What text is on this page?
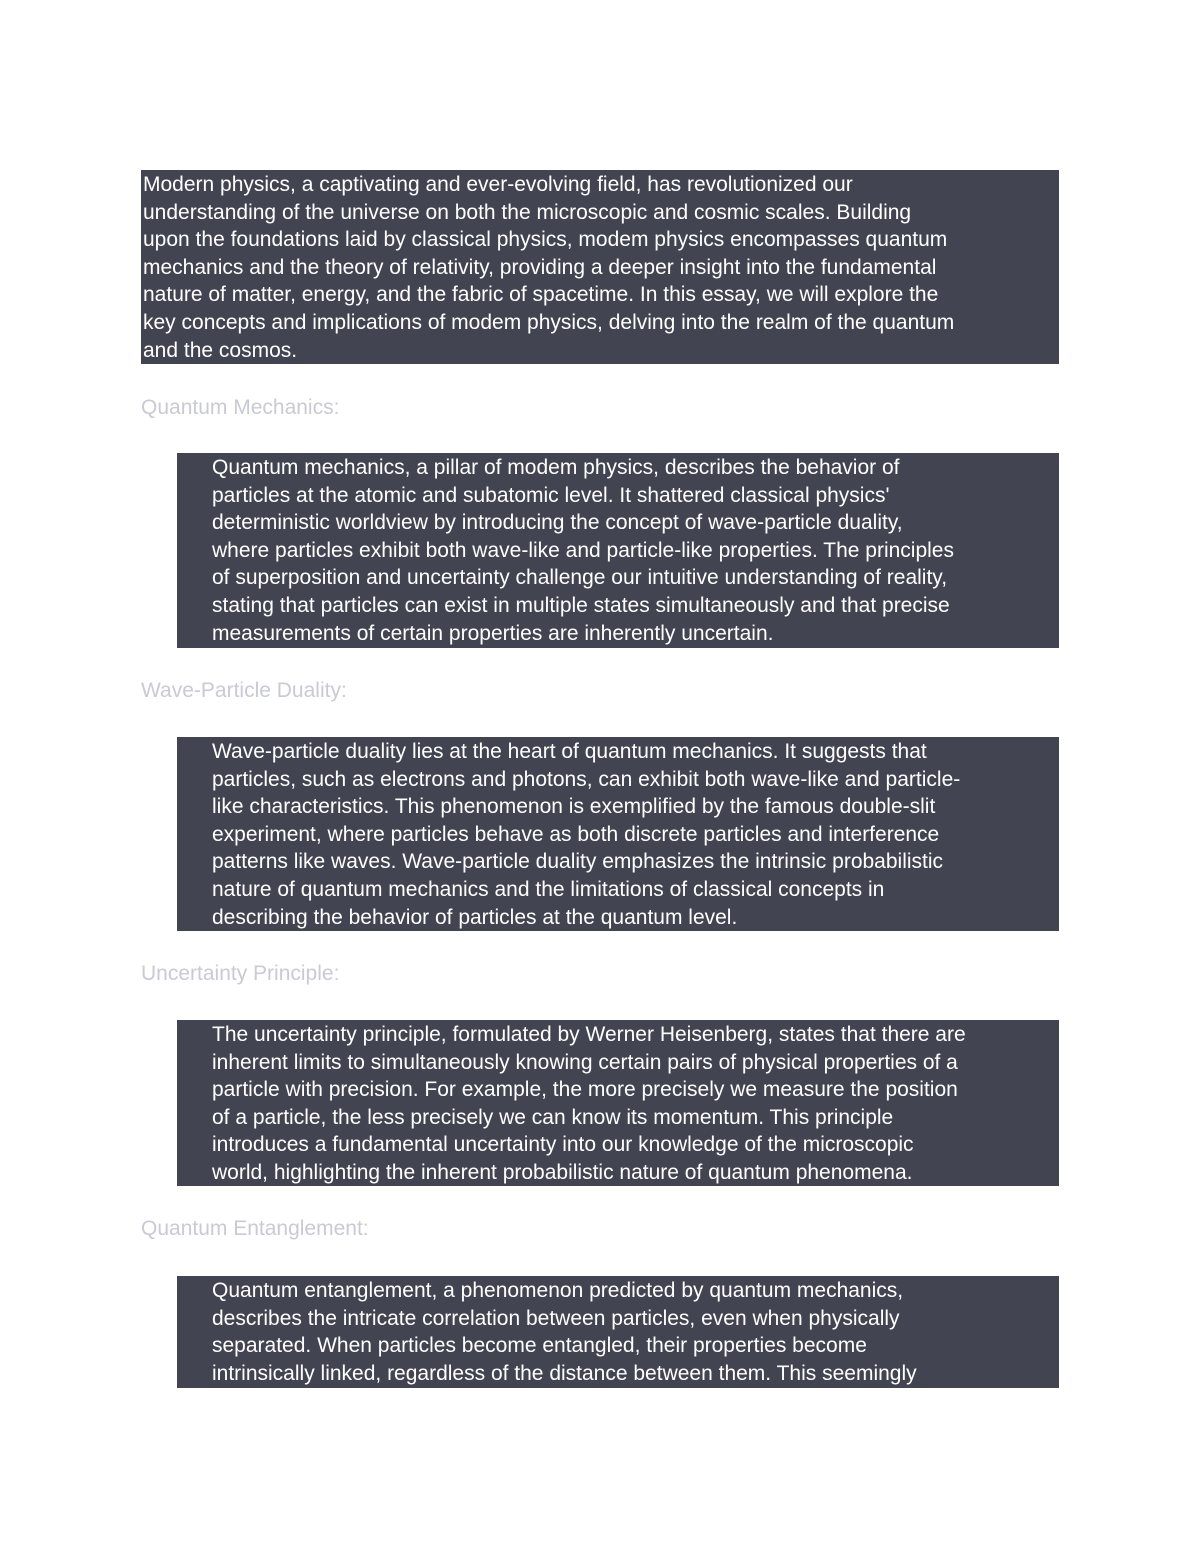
Modern physics, a captivating and ever-evolving field, has revolutionized our
understanding of the universe on both the microscopic and cosmic scales. Building
upon the foundations laid by classical physics, modem physics encompasses quantum
mechanics and the theory of relativity, providing a deeper insight into the fundamental
nature of matter, energy, and the fabric of spacetime. In this essay, we will explore the
key concepts and implications of modem physics, delving into the realm of the quantum
and the cosmos.

Quantum Mechanics:

Quantum mechanics, a pillar of modem physics, describes the behavior of
particles at the atomic and subatomic level. It shattered classical physics'
deterministic worldview by introducing the concept of wave-particle duality,
where particles exhibit both wave-like and particle-like properties. The principles
of superposition and uncertainty challenge our intuitive understanding of reality,
stating that particles can exist in multiple states simultaneously and that precise
measurements of certain properties are inherently uncertain.

Wave-Particle Duality:

Wave-particle duality lies at the heart of quantum mechanics. It suggests that
particles, such as electrons and photons, can exhibit both wave-like and particle-
like characteristics. This phenomenon is exemplified by the famous double-slit
experiment, where particles behave as both discrete particles and interference
patterns like waves. Wave-particle duality emphasizes the intrinsic probabilistic
nature of quantum mechanics and the limitations of classical concepts in
describing the behavior of particles at the quantum level.

Uncertainty Principle:

The uncertainty principle, formulated by Werner Heisenberg, states that there are
inherent limits to simultaneously knowing certain pairs of physical properties of a
particle with precision. For example, the more precisely we measure the position
of a particle, the less precisely we can know its momentum. This principle
introduces a fundamental uncertainty into our knowledge of the microscopic
world, highlighting the inherent probabilistic nature of quantum phenomena.

Quantum Entanglement:

Quantum entanglement, a phenomenon predicted by quantum mechanics,
describes the intricate correlation between particles, even when physically
separated. When particles become entangled, their properties become
intrinsically linked, regardless of the distance between them. This seemingly
